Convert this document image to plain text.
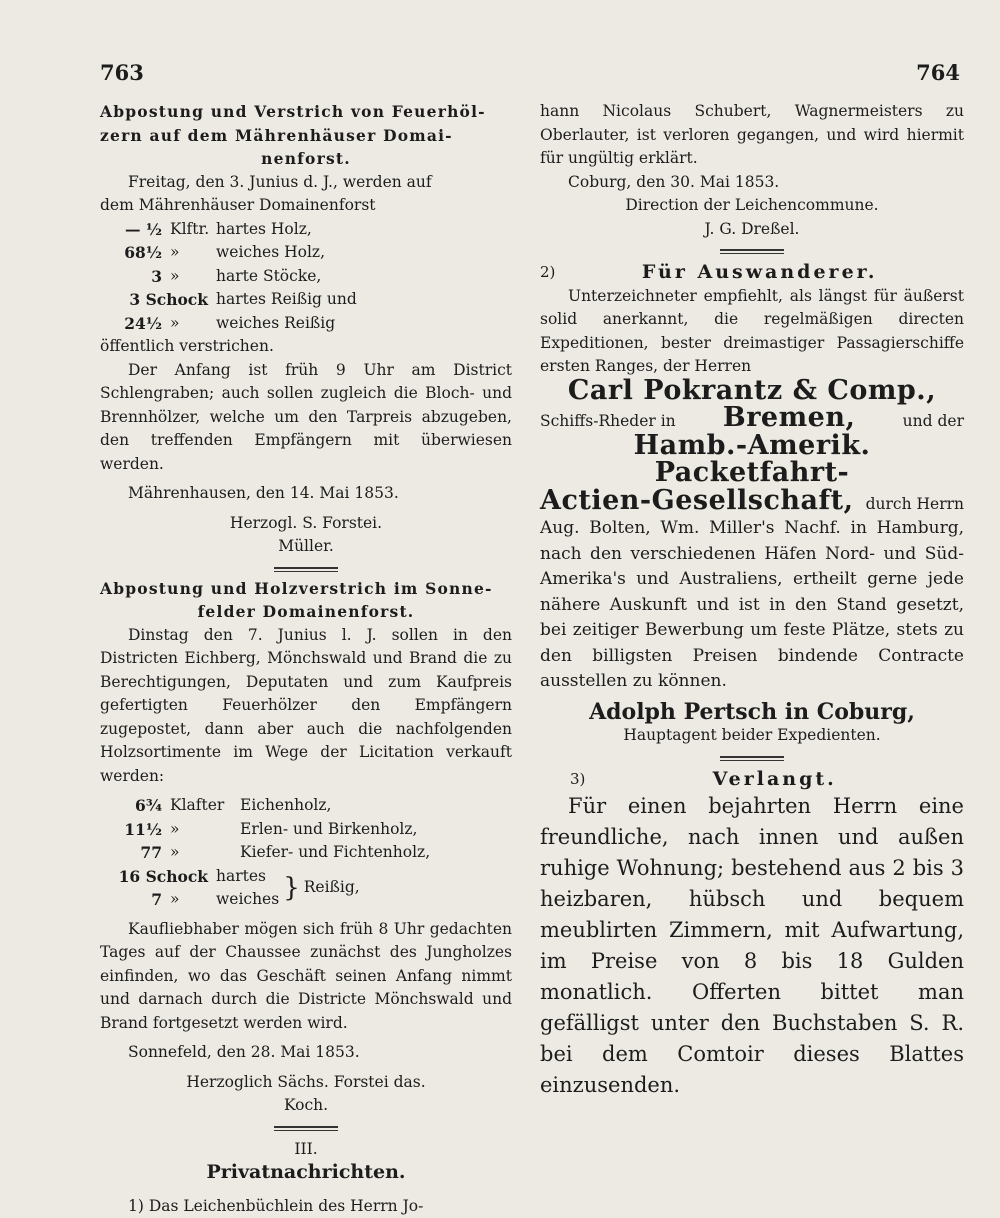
763	764
Abpostung und Verstrich von Feuerhöl-
zern auf dem Mährenhäuser Domai-
nenforst.

Freitag, den 3. Junius d. J., werden auf

dem Mährenhäuser Domainenforst

— ½ Klftr. hartes Holz,
68½ »	weiches Holz,
3 »	harte Stöcke,
3 Schock hartes Reißig und
24½ »	weiches Reißig

öffentlich verstrichen.

Der Anfang ist früh 9 Uhr am District Schlengraben; auch sollen zugleich die Bloch- und Brennhölzer, welche um den Tarpreis abzugeben, den treffenden Empfängern mit überwiesen werden.

Mährenhausen, den 14. Mai 1853.

Herzogl. S. Forstei.

Müller.

Abpostung und Holzverstrich im Sonne-
felder Domainenforst.

Dinstag den 7. Junius l. J. sollen in den Districten Eichberg, Mönchswald und Brand die zu Berechtigungen, Deputaten und zum Kaufpreis gefertigten Feuerhölzer den Empfängern zugepostet, dann aber auch die nachfolgenden Holzsortimente im Wege der Licitation verkauft werden:

6¾ Klafter	Eichenholz,
11½ »	Erlen- und Birkenholz,
77 »	Kiefer- und Fichtenholz,
16 Schock hartes
7 »	weiches } Reißig,

Kaufliebhaber mögen sich früh 8 Uhr gedachten Tages auf der Chaussee zunächst des Jungholzes einfinden, wo das Geschäft seinen Anfang nimmt und darnach durch die Districte Mönchswald und Brand fortgesetzt werden wird.

Sonnefeld, den 28. Mai 1853.

Herzoglich Sächs. Forstei das.

Koch.

III.

Privatnachrichten.

1) Das Leichenbüchlein des Herrn Jo-

hann Nicolaus Schubert, Wagnermeisters zu Oberlauter, ist verloren gegangen, und wird hiermit für ungültig erklärt.

Coburg, den 30. Mai 1853.

Direction der Leichencommune.

J. G. Dreßel.

2)	Für Auswanderer.

Unterzeichneter empfiehlt, als längst für äußerst solid anerkannt, die regelmäßigen directen Expeditionen, bester dreimastiger Passagierschiffe ersten Ranges, der Herren

Carl Pokrantz & Comp.,

Schiffs-Rheder in Bremen,	und der

Hamb.-Amerik. Packetfahrt-

Actien-Gesellschaft, durch Herrn

Aug. Bolten, Wm. Miller's Nachf. in Hamburg, nach den verschiedenen Häfen Nord- und Süd-Amerika's und Australiens, ertheilt gerne jede nähere Auskunft und ist in den Stand gesetzt, bei zeitiger Bewerbung um feste Plätze, stets zu den billigsten Preisen bindende Contracte ausstellen zu können.

Adolph Pertsch in Coburg,

Hauptagent beider Expedienten.

3)	Verlangt.

Für einen bejahrten Herrn eine freundliche, nach innen und außen ruhige Wohnung; bestehend aus 2 bis 3 heizbaren, hübsch und bequem meublirten Zimmern, mit Aufwartung, im Preise von 8 bis 18 Gulden monatlich. Offerten bittet man gefälligst unter den Buchstaben S. R. bei dem Comtoir dieses Blattes einzusenden.
